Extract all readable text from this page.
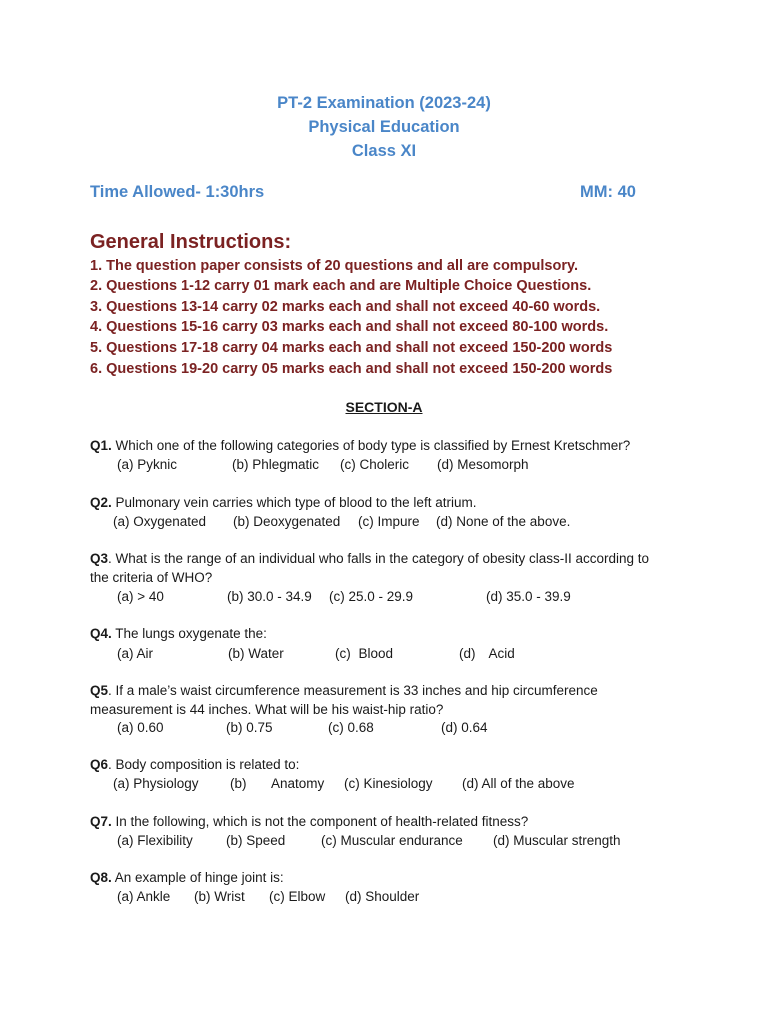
PT-2 Examination (2023-24)
Physical Education
Class XI
Time Allowed- 1:30hrs	MM: 40
General Instructions:
1. The question paper consists of 20 questions and all are compulsory.
2. Questions 1-12 carry 01 mark each and are Multiple Choice Questions.
3. Questions 13-14 carry 02 marks each and shall not exceed 40-60 words.
4. Questions 15-16 carry 03 marks each and shall not exceed 80-100 words.
5. Questions 17-18 carry 04 marks each and shall not exceed 150-200 words
6. Questions 19-20 carry 05 marks each and shall not exceed 150-200 words
SECTION-A
Q1. Which one of the following categories of body type is classified by Ernest Kretschmer?
(a) Pyknic	(b) Phlegmatic (c) Choleric (d) Mesomorph
Q2. Pulmonary vein carries which type of blood to the left atrium.
(a) Oxygenated (b) Deoxygenated (c) Impure (d) None of the above.
Q3. What is the range of an individual who falls in the category of obesity class-II according to
the criteria of WHO?
(a) > 40	(b) 30.0 - 34.9 (c) 25.0 - 29.9	(d) 35.0 - 39.9
Q4. The lungs oxygenate the:
(a) Air	(b) Water	(c) Blood	(d) Acid
Q5. If a male’s waist circumference measurement is 33 inches and hip circumference
measurement is 44 inches. What will be his waist-hip ratio?
(a) 0.60	(b) 0.75	(c) 0.68	(d) 0.64
Q6. Body composition is related to:
(a) Physiology (b) Anatomy (c) Kinesiology (d) All of the above
Q7. In the following, which is not the component of health-related fitness?
(a) Flexibility (b) Speed	(c) Muscular endurance (d) Muscular strength
Q8. An example of hinge joint is:
(a) Ankle (b) Wrist (c) Elbow (d) Shoulder
